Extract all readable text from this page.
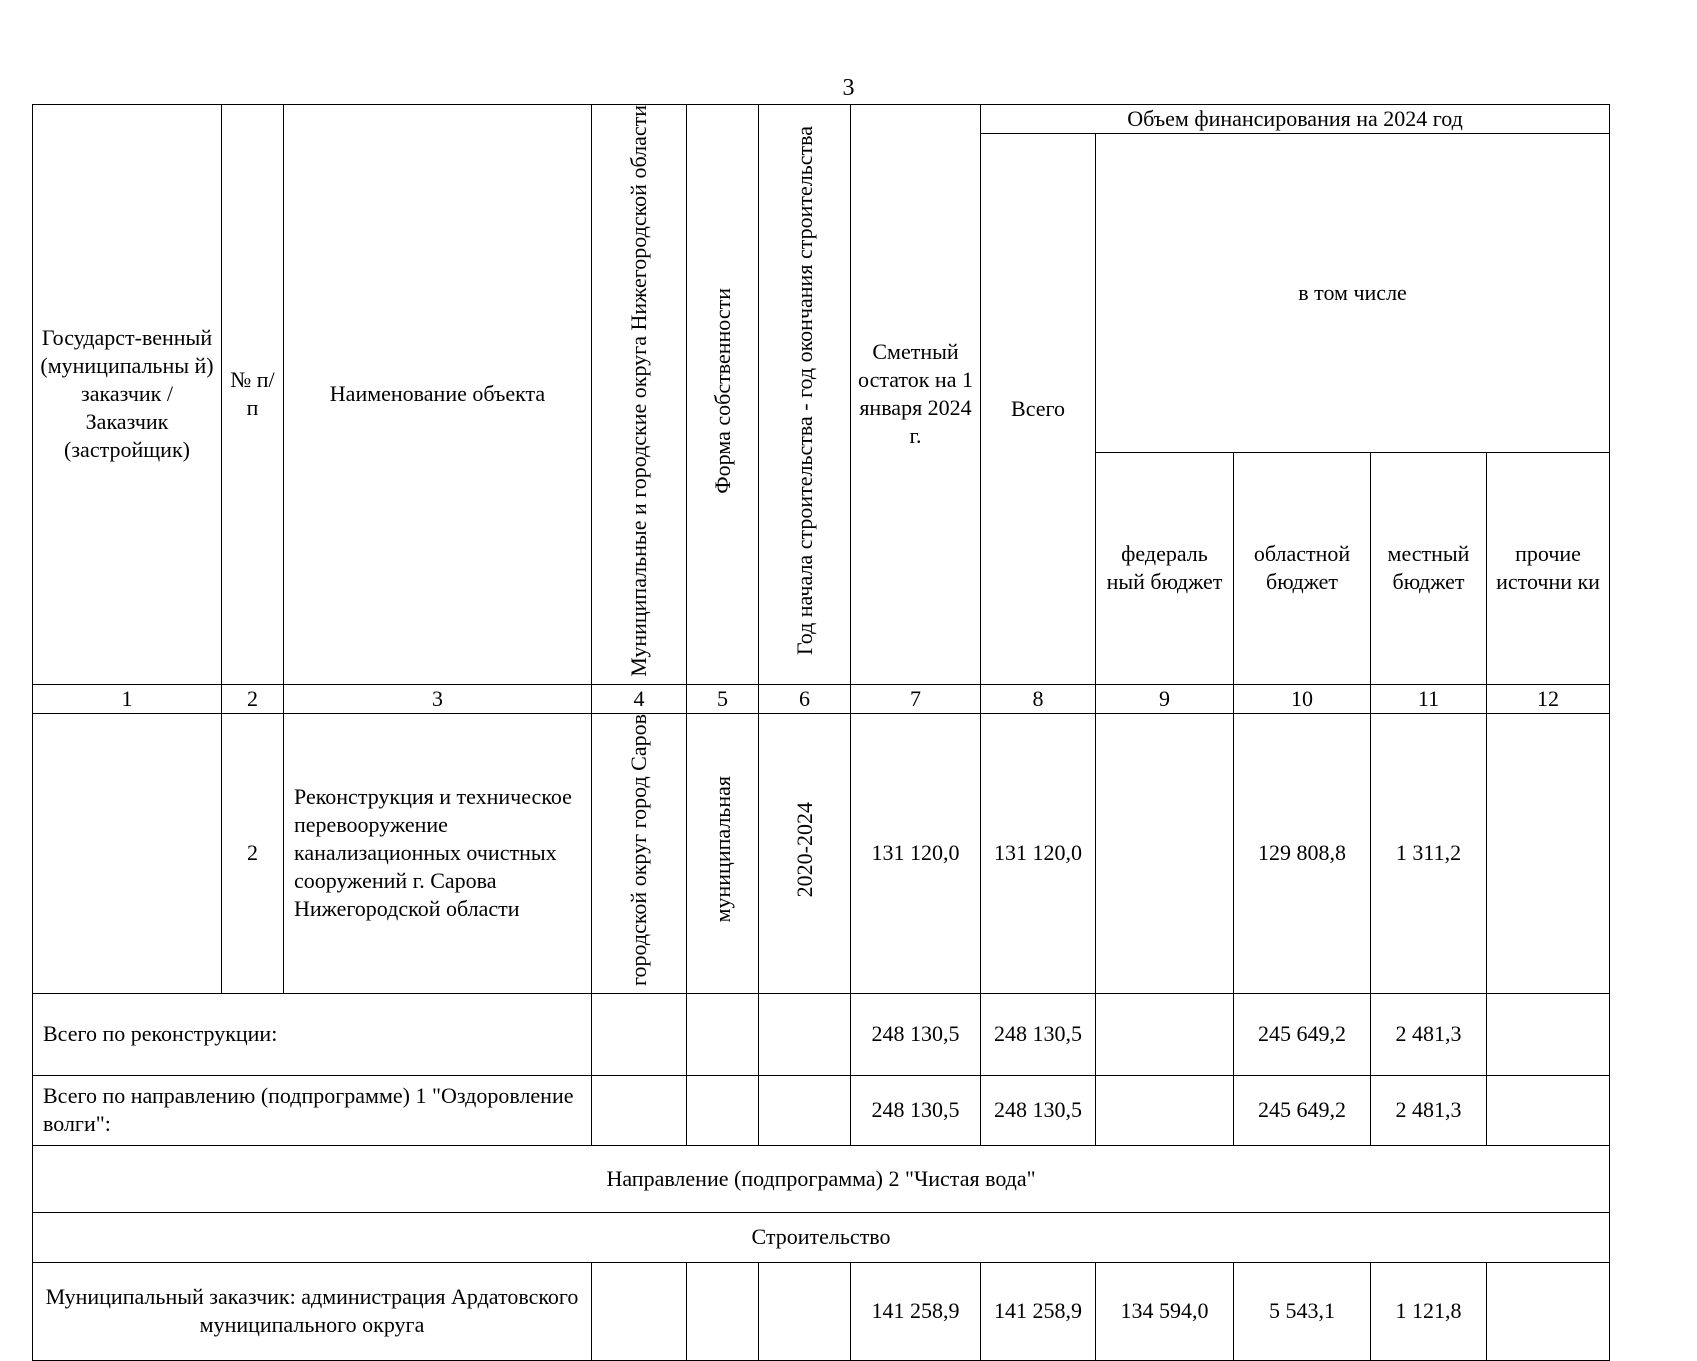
3
Государст-венный (муниципальны й) заказчик / Заказчик (застройщик)	№ п/п	Наименование объекта	Муниципальные и городские округа Нижегородской области	Форма собственности	Год начала строительства - год окончания строительства	Сметный остаток на 1 января 2024 г.	Объем финансирования на 2024 год				
							Всего	в том числе			
								федераль ный бюджет	областной бюджет	местный бюджет	прочие источни ки
1	2	3	4	5	6	7	8	9	10	11	12
	2	Реконструкция и техническое перевооружение канализационных очистных сооружений г. Сарова Нижегородской области	городской округ город Саров	муниципальная	2020-2024	131 120,0	131 120,0		129 808,8	1 311,2	
Всего по реконструкции:						248 130,5	248 130,5		245 649,2	2 481,3	
Всего по направлению (подпрограмме) 1 "Оздоровление волги":						248 130,5	248 130,5		245 649,2	2 481,3	
Направление (подпрограмма) 2 "Чистая вода"											
Строительство											
Муниципальный заказчик: администрация Ардатовского муниципального округа						141 258,9	141 258,9	134 594,0	5 543,1	1 121,8	
